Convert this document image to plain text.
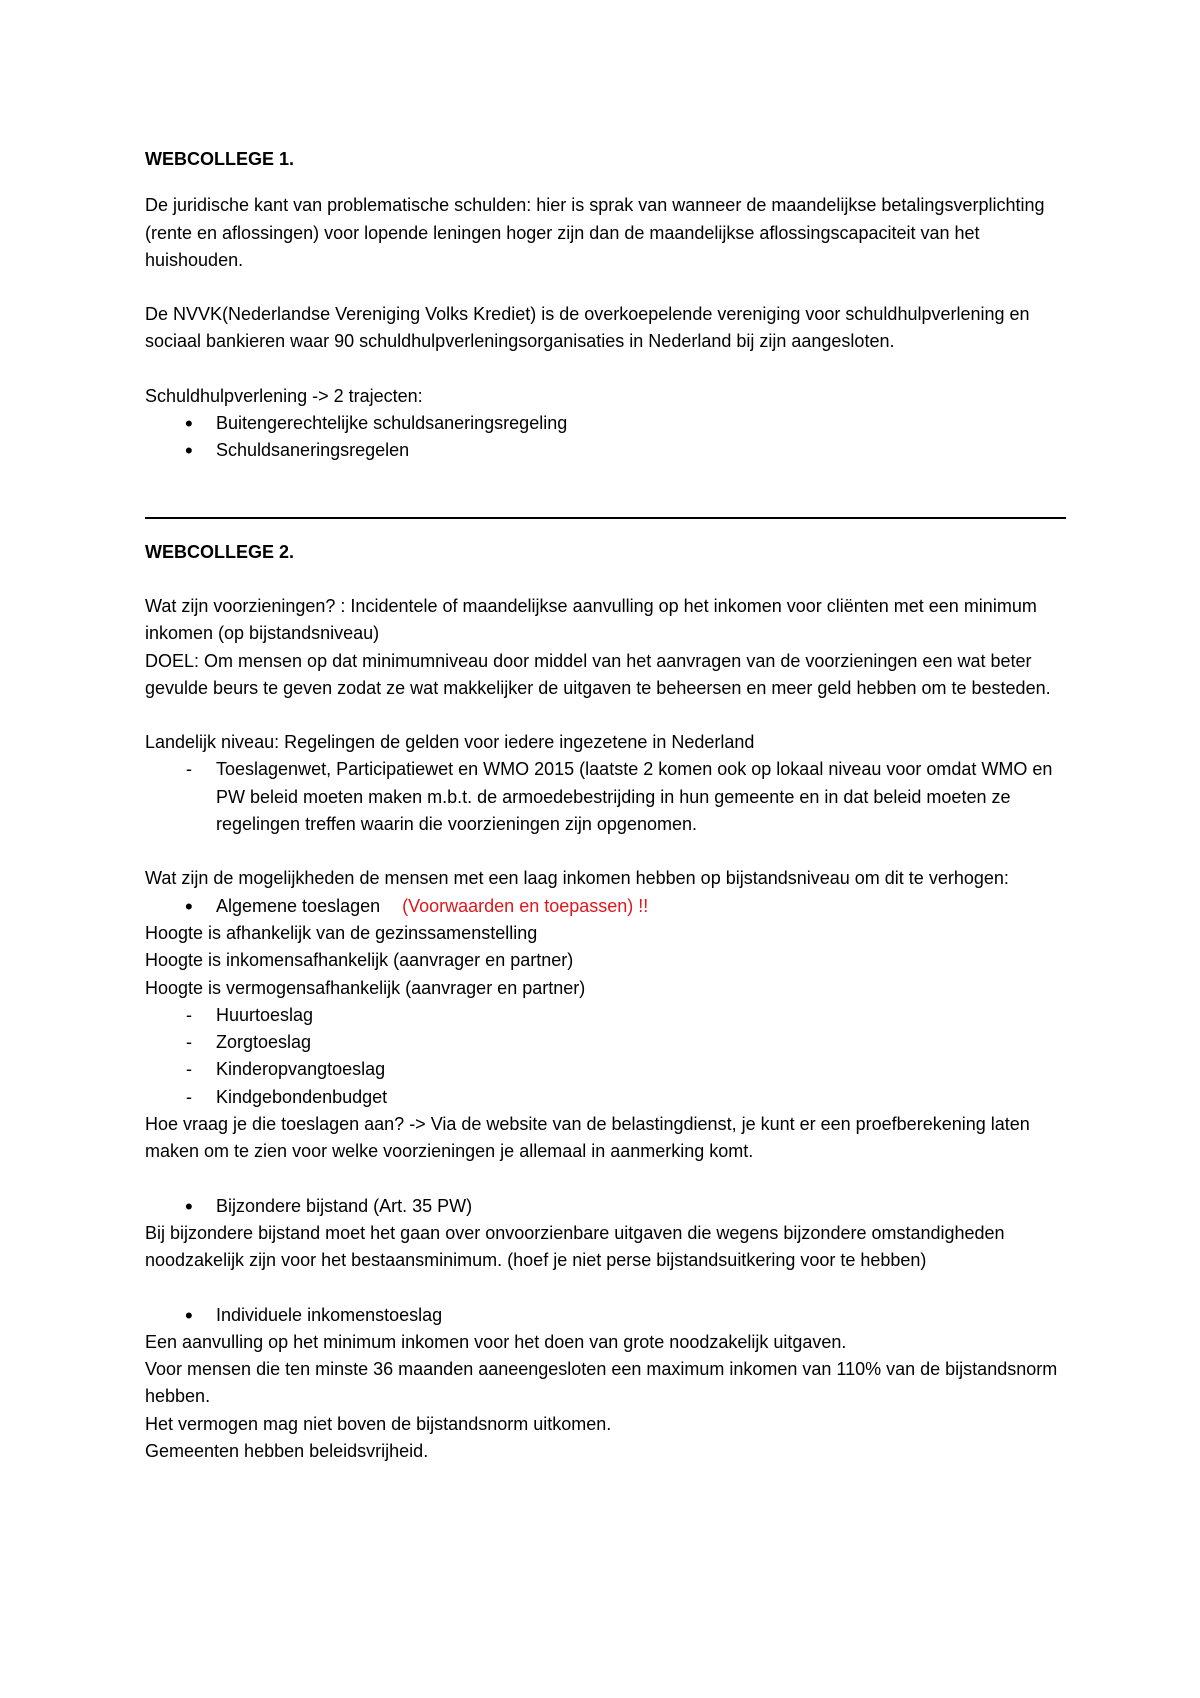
WEBCOLLEGE 1.

De juridische kant van problematische schulden: hier is sprak van wanneer de maandelijkse betalingsverplichting (rente en aflossingen) voor lopende leningen hoger zijn dan de maandelijkse aflossingscapaciteit van het huishouden.

De NVVK(Nederlandse Vereniging Volks Krediet) is de overkoepelende vereniging voor schuldhulpverlening en sociaal bankieren waar 90 schuldhulpverleningsorganisaties in Nederland bij zijn aangesloten.

Schuldhulpverlening -> 2 trajecten:

• Buitengerechtelijke schuldsaneringsregeling
• Schuldsaneringsregelen

WEBCOLLEGE 2.

Wat zijn voorzieningen? : Incidentele of maandelijkse aanvulling op het inkomen voor cliënten met een minimum inkomen (op bijstandsniveau)

DOEL: Om mensen op dat minimumniveau door middel van het aanvragen van de voorzieningen een wat beter gevulde beurs te geven zodat ze wat makkelijker de uitgaven te beheersen en meer geld hebben om te besteden.

Landelijk niveau: Regelingen de gelden voor iedere ingezetene in Nederland

- Toeslagenwet, Participatiewet en WMO 2015 (laatste 2 komen ook op lokaal niveau voor omdat WMO en PW beleid moeten maken m.b.t. de armoedebestrijding in hun gemeente en in dat beleid moeten ze regelingen treffen waarin die voorzieningen zijn opgenomen.

Wat zijn de mogelijkheden de mensen met een laag inkomen hebben op bijstandsniveau om dit te verhogen:

• Algemene toeslagen (Voorwaarden en toepassen) !!

Hoogte is afhankelijk van de gezinssamenstelling

Hoogte is inkomensafhankelijk (aanvrager en partner)

Hoogte is vermogensafhankelijk (aanvrager en partner)

- Huurtoeslag
- Zorgtoeslag
- Kinderopvangtoeslag
- Kindgebondenbudget

Hoe vraag je die toeslagen aan? -> Via de website van de belastingdienst, je kunt er een proefberekening laten maken om te zien voor welke voorzieningen je allemaal in aanmerking komt.

• Bijzondere bijstand (Art. 35 PW)

Bij bijzondere bijstand moet het gaan over onvoorzienbare uitgaven die wegens bijzondere omstandigheden noodzakelijk zijn voor het bestaansminimum. (hoef je niet perse bijstandsuitkering voor te hebben)

• Individuele inkomenstoeslag

Een aanvulling op het minimum inkomen voor het doen van grote noodzakelijk uitgaven.

Voor mensen die ten minste 36 maanden aaneengesloten een maximum inkomen van 110% van de bijstandsnorm hebben.

Het vermogen mag niet boven de bijstandsnorm uitkomen.

Gemeenten hebben beleidsvrijheid.
